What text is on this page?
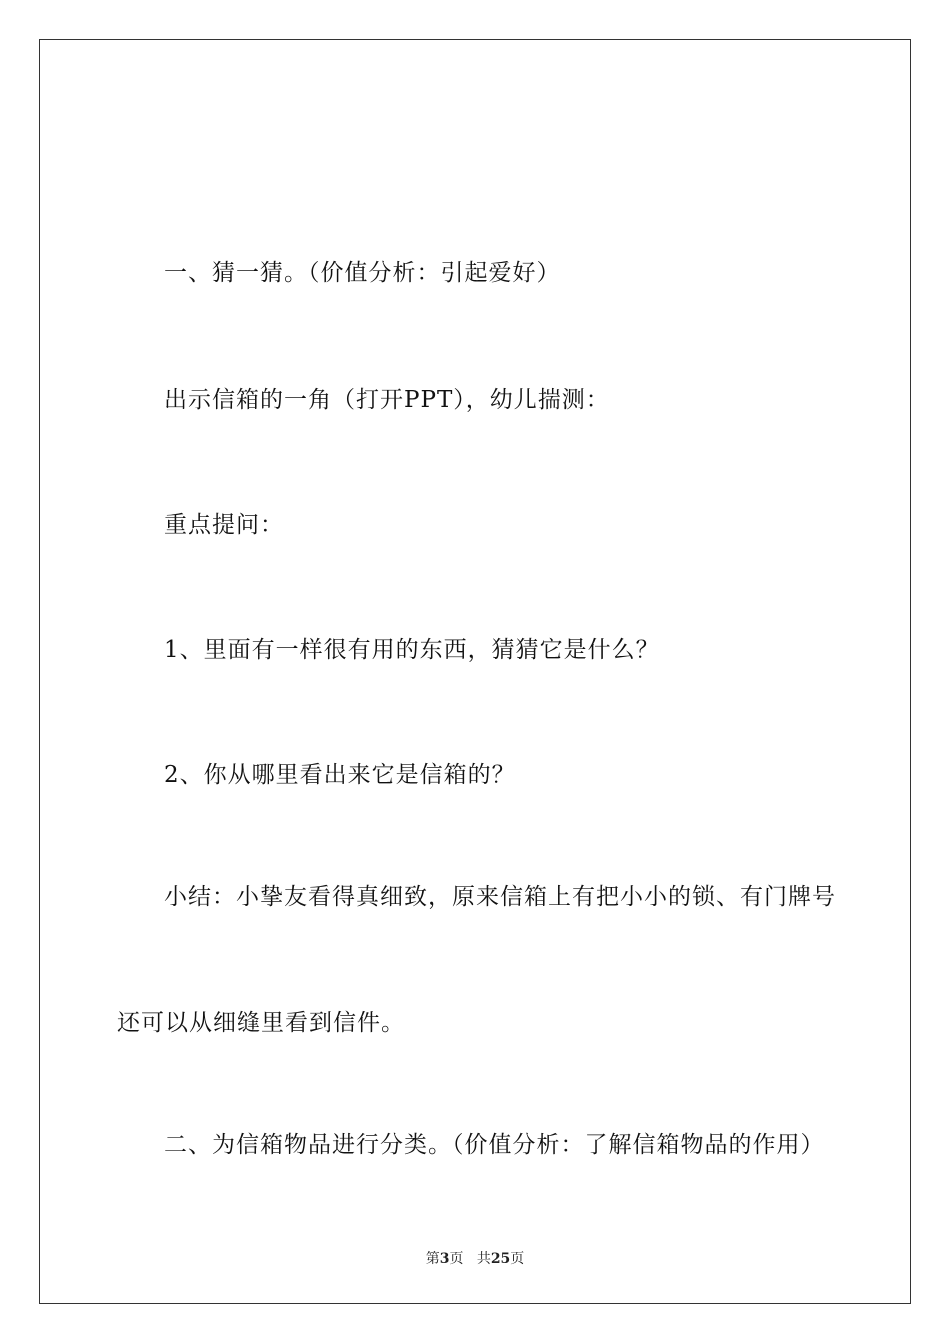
一、猜一猜。（价值分析：引起爱好）
出示信箱的一角（打开PPT），幼儿揣测：
重点提问：
1、里面有一样很有用的东西，猜猜它是什么？
2、你从哪里看出来它是信箱的？
小结：小挚友看得真细致，原来信箱上有把小小的锁、有门牌号
还可以从细缝里看到信件。
二、为信箱物品进行分类。（价值分析：了解信箱物品的作用）
第3页 共25页
